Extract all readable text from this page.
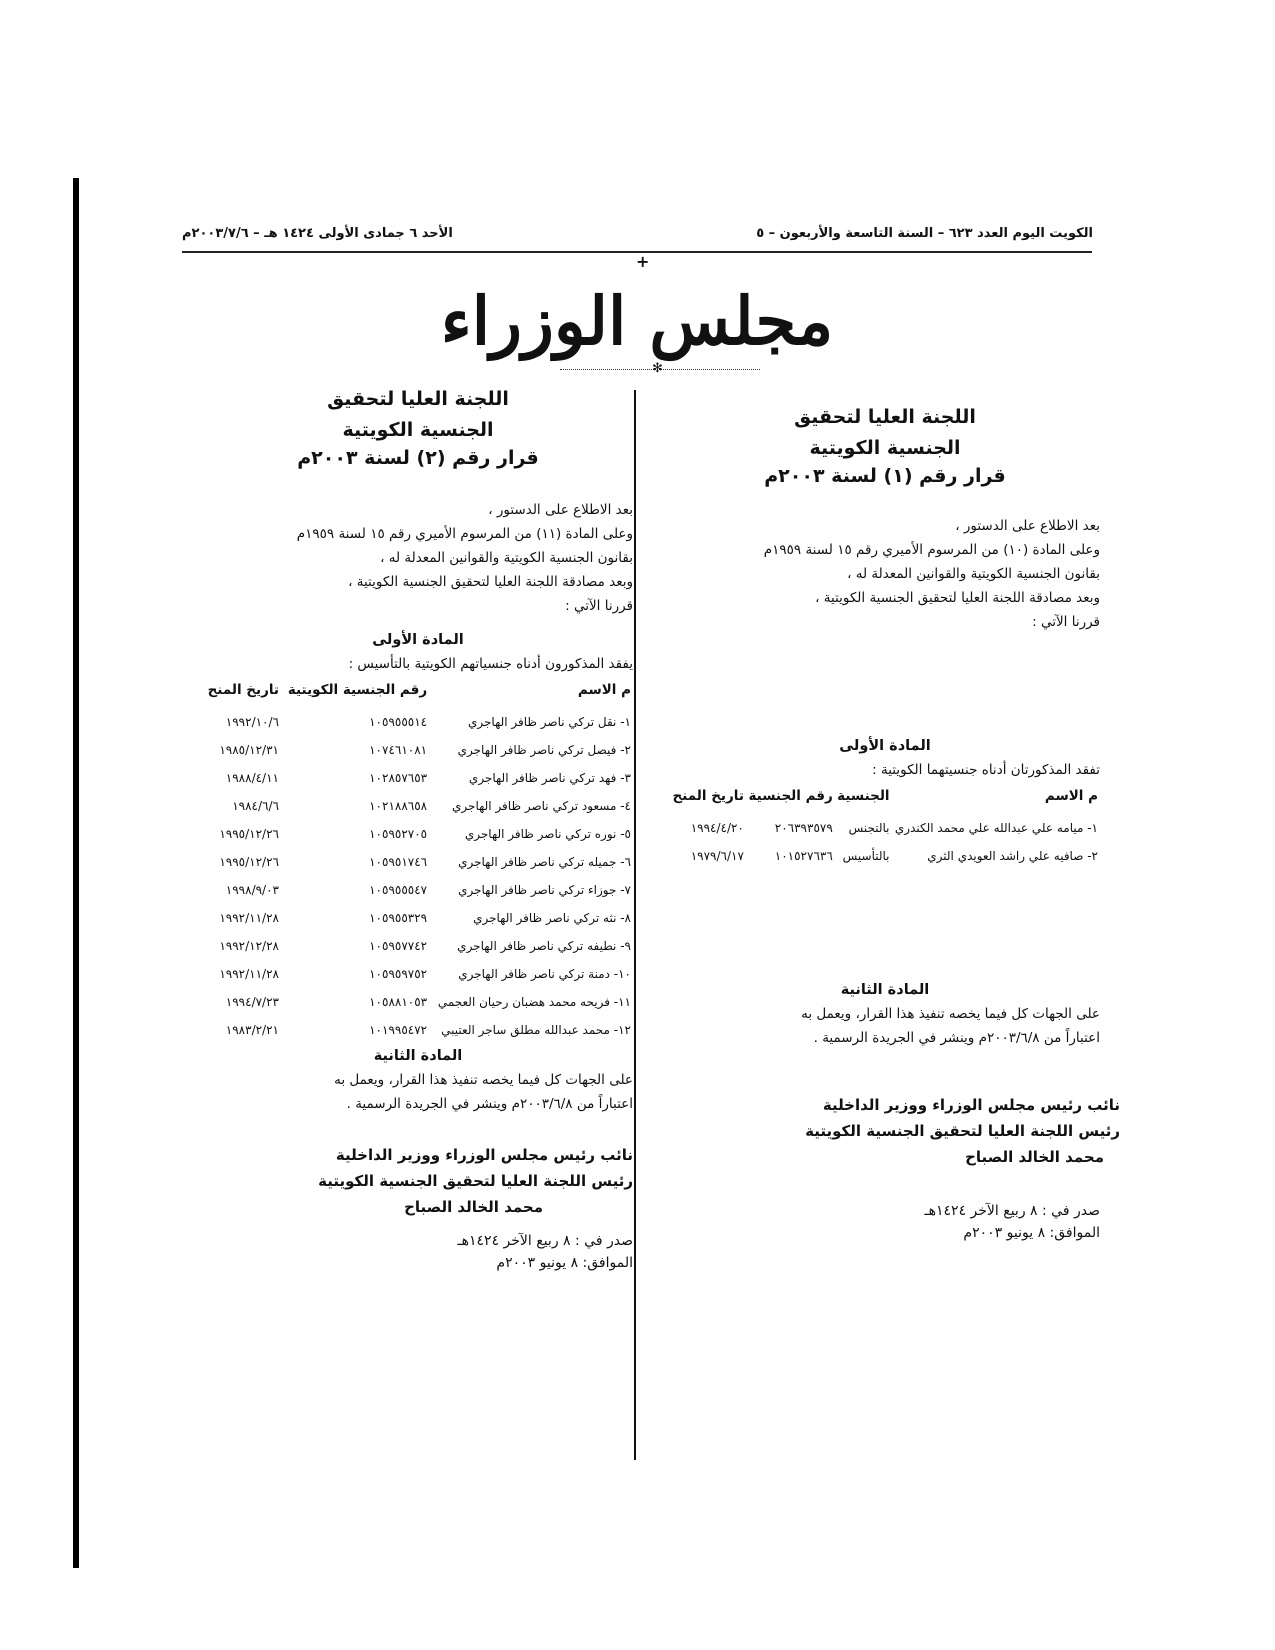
الكويت اليوم العدد ٦٢٣ – السنة التاسعة والأربعون – ٥
الأحد ٦ جمادى الأولى ١٤٢٤ هـ – ٢٠٠٣/٧/٦م
+
مجلس الوزراء
✻
اللجنة العليا لتحقيق
الجنسية الكويتية
قرار رقم (١) لسنة ٢٠٠٣م

بعد الاطلاع على الدستور ،

وعلى المادة (١٠) من المرسوم الأميري رقم ١٥ لسنة ١٩٥٩م

بقانون الجنسية الكويتية والقوانين المعدلة له ،

وبعد مصادقة اللجنة العليا لتحقيق الجنسية الكويتية ،

قررنا الآتي :

المادة الأولى
تفقد المذكورتان أدناه جنسيتهما الكويتية :
م الاسم	الجنسية	رقم الجنسية	تاريخ المنح
١- ميامه علي عبدالله علي محمد الكندري	بالتجنس	٢٠٦٣٩٣٥٧٩	١٩٩٤/٤/٢٠
٢- صافيه علي راشد العويدي الثري	بالتأسيس	١٠١٥٢٧٦٣٦	١٩٧٩/٦/١٧
المادة الثانية
على الجهات كل فيما يخصه تنفيذ هذا القرار، ويعمل به
اعتباراً من ٢٠٠٣/٦/٨م وينشر في الجريدة الرسمية .
نائب رئيس مجلس الوزراء ووزير الداخلية
رئيس اللجنة العليا لتحقيق الجنسية الكويتية
محمد الخالد الصباح
صدر في : ٨ ربيع الآخر ١٤٢٤هـ
الموافق: ٨ يونيو ٢٠٠٣م
اللجنة العليا لتحقيق
الجنسية الكويتية
قرار رقم (٢) لسنة ٢٠٠٣م

بعد الاطلاع على الدستور ،

وعلى المادة (١١) من المرسوم الأميري رقم ١٥ لسنة ١٩٥٩م

بقانون الجنسية الكويتية والقوانين المعدلة له ،

وبعد مصادقة اللجنة العليا لتحقيق الجنسية الكويتية ،

قررنا الآتي :

المادة الأولى
يفقد المذكورون أدناه جنسياتهم الكويتية بالتأسيس :
م الاسم	رقم الجنسية الكويتية	تاريخ المنح
١- نقل تركي ناصر ظافر الهاجري	١٠٥٩٥٥٥١٤	١٩٩٢/١٠/٦
٢- فيصل تركي ناصر ظافر الهاجري	١٠٧٤٦١٠٨١	١٩٨٥/١٢/٣١
٣- فهد تركي ناصر ظافر الهاجري	١٠٢٨٥٧٦٥٣	١٩٨٨/٤/١١
٤- مسعود تركي ناصر ظافر الهاجري	١٠٢١٨٨٦٥٨	١٩٨٤/٦/٦
٥- نوره تركي ناصر ظافر الهاجري	١٠٥٩٥٢٧٠٥	١٩٩٥/١٢/٢٦
٦- جميله تركي ناصر ظافر الهاجري	١٠٥٩٥١٧٤٦	١٩٩٥/١٢/٢٦
٧- جوزاء تركي ناصر ظافر الهاجري	١٠٥٩٥٥٥٤٧	١٩٩٨/٩/٠٣
٨- نثه تركي ناصر ظافر الهاجري	١٠٥٩٥٥٣٢٩	١٩٩٢/١١/٢٨
٩- نطيفه تركي ناصر ظافر الهاجري	١٠٥٩٥٧٧٤٢	١٩٩٢/١٢/٢٨
١٠- دمنة تركي ناصر ظافر الهاجري	١٠٥٩٥٩٧٥٢	١٩٩٢/١١/٢٨
١١- فريحه محمد هضبان رحيان العجمي	١٠٥٨٨١٠٥٣	١٩٩٤/٧/٢٣
١٢- محمد عبدالله مطلق ساجر العتيبي	١٠١٩٩٥٤٧٢	١٩٨٣/٢/٢١
المادة الثانية
على الجهات كل فيما يخصه تنفيذ هذا القرار، ويعمل به
اعتباراً من ٢٠٠٣/٦/٨م وينشر في الجريدة الرسمية .
نائب رئيس مجلس الوزراء ووزير الداخلية
رئيس اللجنة العليا لتحقيق الجنسية الكويتية
محمد الخالد الصباح
صدر في : ٨ ربيع الآخر ١٤٢٤هـ
الموافق: ٨ يونيو ٢٠٠٣م
